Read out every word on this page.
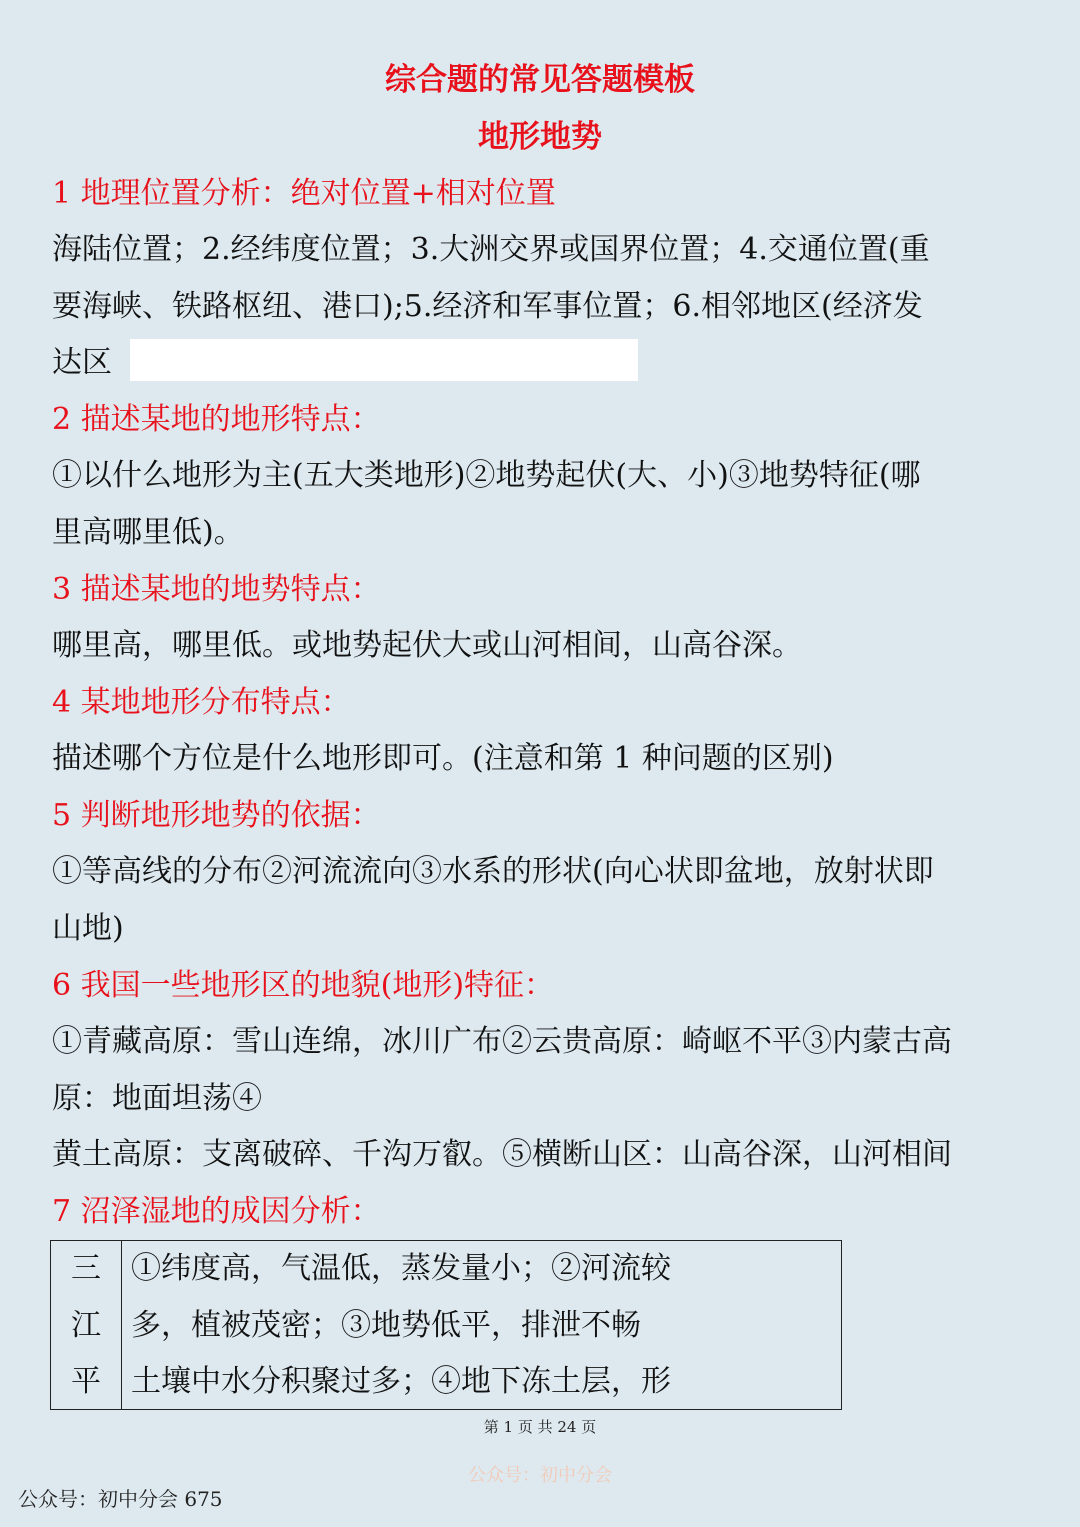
综合题的常见答题模板
地形地势
1 地理位置分析：绝对位置+相对位置
海陆位置；2.经纬度位置；3.大洲交界或国界位置；4.交通位置(重
要海峡、铁路枢纽、港口);5.经济和军事位置；6.相邻地区(经济发
达区
2 描述某地的地形特点：
①以什么地形为主(五大类地形)②地势起伏(大、小)③地势特征(哪
里高哪里低)。
3 描述某地的地势特点：
哪里高，哪里低。或地势起伏大或山河相间，山高谷深。
4 某地地形分布特点：
描述哪个方位是什么地形即可。(注意和第 1 种问题的区别)
5 判断地形地势的依据：
①等高线的分布②河流流向③水系的形状(向心状即盆地，放射状即
山地)
6 我国一些地形区的地貌(地形)特征：
①青藏高原：雪山连绵，冰川广布②云贵高原：崎岖不平③内蒙古高
原：地面坦荡④
黄土高原：支离破碎、千沟万叡。⑤横断山区：山高谷深，山河相间
7 沼泽湿地的成因分析：
三
江
平
①纬度高，气温低，蒸发量小；②河流较
多，植被茂密；③地势低平，排泄不畅
土壤中水分积聚过多；④地下冻土层，形
第 1 页 共 24 页
公众号：初中分会
公众号：初中分会 675
